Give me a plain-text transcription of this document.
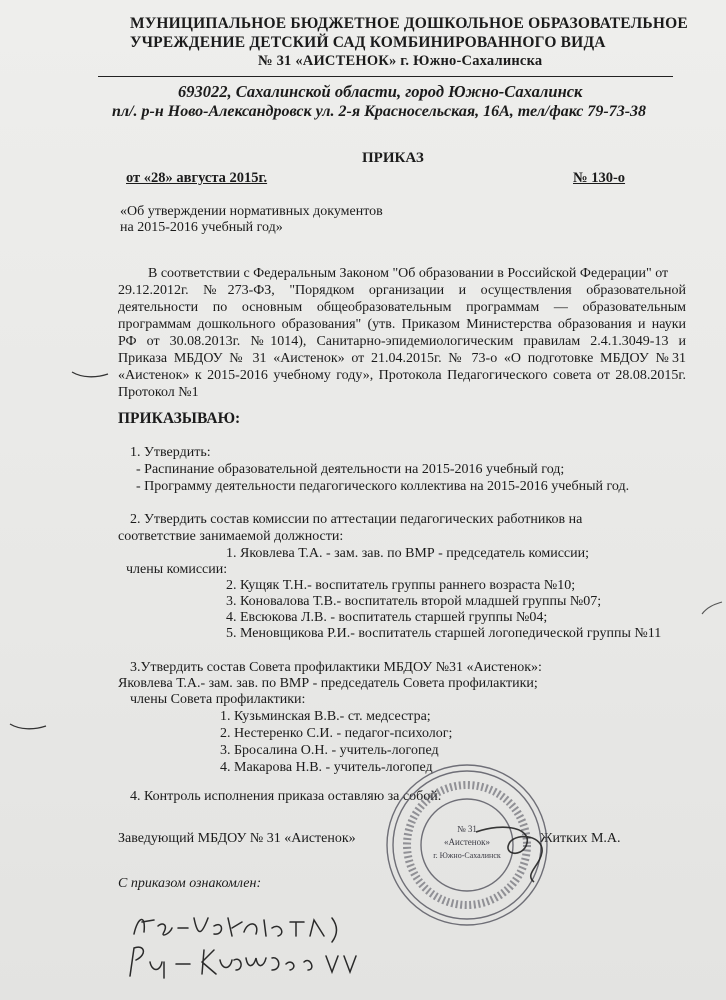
МУНИЦИПАЛЬНОЕ БЮДЖЕТНОЕ ДОШКОЛЬНОЕ ОБРАЗОВАТЕЛЬНОЕ
УЧРЕЖДЕНИЕ ДЕТСКИЙ САД КОМБИНИРОВАННОГО ВИДА
№ 31 «АИСТЕНОК» г. Южно-Сахалинска
693022, Сахалинской области, город Южно-Сахалинск
пл/. р-н Ново-Александровск ул. 2-я Красносельская, 16А, тел/факс 79-73-38
ПРИКАЗ
от «28» августа 2015г.	№ 130-о
«Об утверждении нормативных документов
на 2015-2016 учебный год»
В соответствии с Федеральным Законом "Об образовании в Российской Федерации" от
29.12.2012г. №273-ФЗ, "Порядком организации и осуществления образовательной
деятельности по основным общеобразовательным программам — образовательным
программам дошкольного образования" (утв. Приказом Министерства образования и науки
РФ от 30.08.2013г. №1014), Санитарно-эпидемиологическим правилам 2.4.1.3049-13 и
Приказа МБДОУ № 31 «Аистенок» от 21.04.2015г. № 73-о «О подготовке МБДОУ №31
«Аистенок» к 2015-2016 учебному году», Протокола Педагогического совета от 28.08.2015г.
Протокол №1
ПРИКАЗЫВАЮ:
1. Утвердить:
- Распинание образовательной деятельности на 2015-2016 учебный год;
- Программу деятельности педагогического коллектива на 2015-2016 учебный год.
2. Утвердить состав комиссии по аттестации педагогических работников на
соответствие занимаемой должности:
1. Яковлева Т.А. - зам. зав. по ВМР - председатель комиссии;
члены комиссии:
2. Кущяк Т.Н.- воспитатель группы раннего возраста №10;
3. Коновалова Т.В.- воспитатель второй младшей группы №07;
4. Евсюкова Л.В. - воспитатель старшей группы №04;
5. Меновщикова Р.И.- воспитатель старшей логопедической группы №11
3.Утвердить состав Совета профилактики МБДОУ №31 «Аистенок»:
Яковлева Т.А.- зам. зав. по ВМР - председатель Совета профилактики;
члены Совета профилактики:
1. Кузьминская В.В.- ст. медсестра;
2. Нестеренко С.И. - педагог-психолог;
3. Бросалина О.Н. - учитель-логопед
4. Макарова Н.В. - учитель-логопед
4. Контроль исполнения приказа оставляю за собой.
Заведующий МБДОУ № 31 «Аистенок»	Житких М.А.
№ 31
«Аистенок»
г. Южно-Сахалинск
С приказом ознакомлен:
